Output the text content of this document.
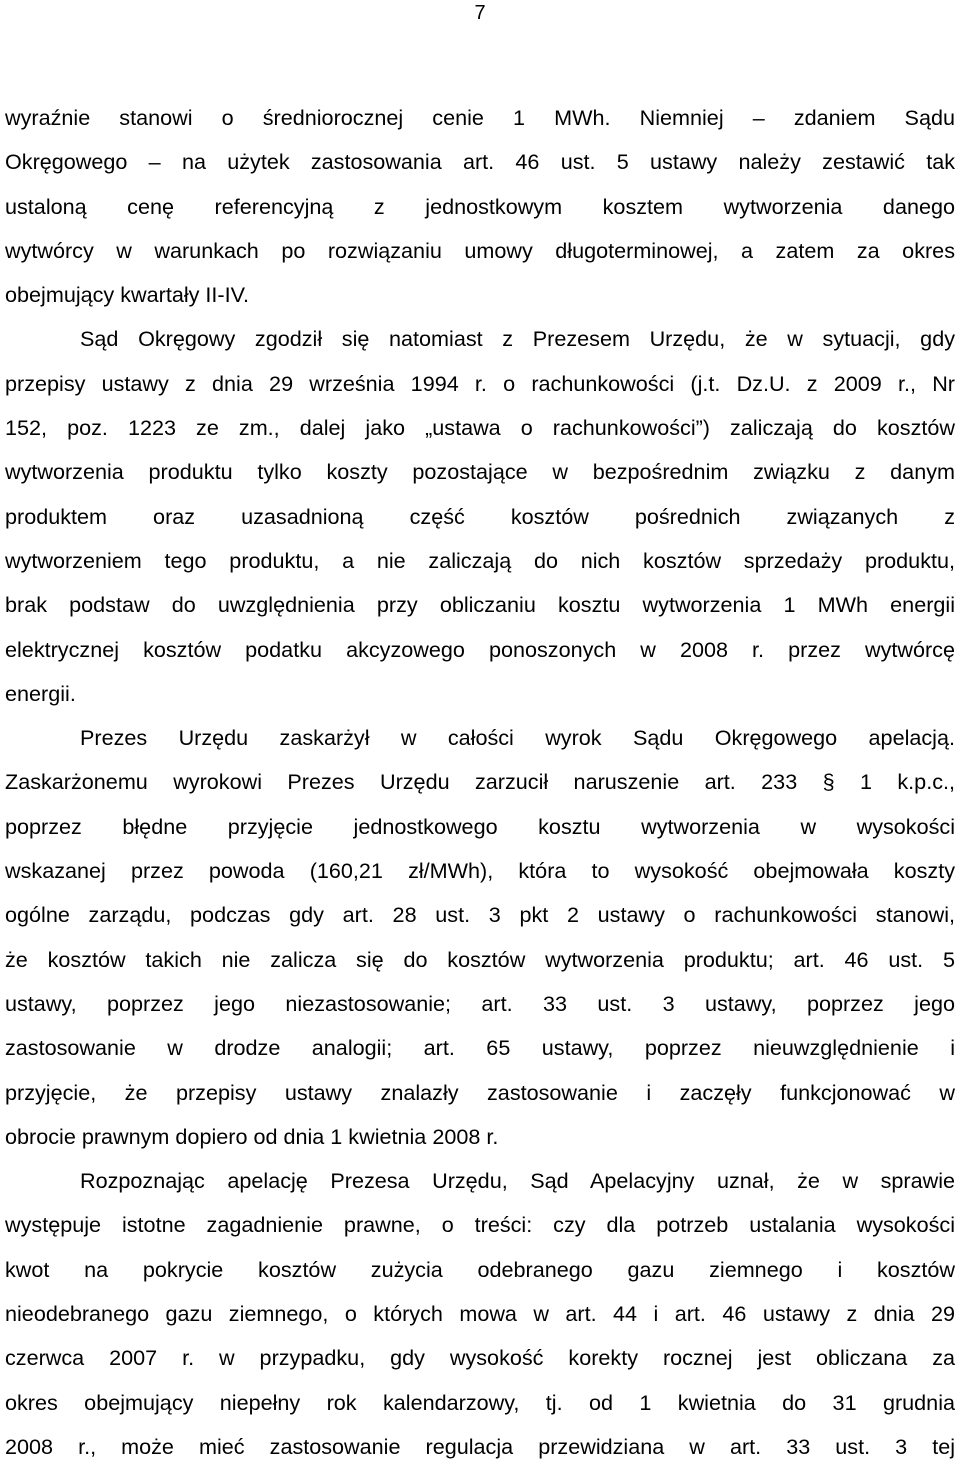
7

wyraźnie stanowi o średniorocznej cenie 1 MWh. Niemniej – zdaniem Sądu
Okręgowego – na użytek zastosowania art. 46 ust. 5 ustawy należy zestawić tak
ustaloną cenę referencyjną z jednostkowym kosztem wytworzenia danego
wytwórcy w warunkach po rozwiązaniu umowy długoterminowej, a zatem za okres
obejmujący kwartały II-IV.

Sąd Okręgowy zgodził się natomiast z Prezesem Urzędu, że w sytuacji, gdy
przepisy ustawy z dnia 29 września 1994 r. o rachunkowości (j.t. Dz.U. z 2009 r., Nr
152, poz. 1223 ze zm., dalej jako „ustawa o rachunkowości”) zaliczają do kosztów
wytworzenia produktu tylko koszty pozostające w bezpośrednim związku z danym
produktem oraz uzasadnioną część kosztów pośrednich związanych z
wytworzeniem tego produktu, a nie zaliczają do nich kosztów sprzedaży produktu,
brak podstaw do uwzględnienia przy obliczaniu kosztu wytworzenia 1 MWh energii
elektrycznej kosztów podatku akcyzowego ponoszonych w 2008 r. przez wytwórcę
energii.

Prezes Urzędu zaskarżył w całości wyrok Sądu Okręgowego apelacją.
Zaskarżonemu wyrokowi Prezes Urzędu zarzucił naruszenie art. 233 § 1 k.p.c.,
poprzez błędne przyjęcie jednostkowego kosztu wytworzenia w wysokości
wskazanej przez powoda (160,21 zł/MWh), która to wysokość obejmowała koszty
ogólne zarządu, podczas gdy art. 28 ust. 3 pkt 2 ustawy o rachunkowości stanowi,
że kosztów takich nie zalicza się do kosztów wytworzenia produktu; art. 46 ust. 5
ustawy, poprzez jego niezastosowanie; art. 33 ust. 3 ustawy, poprzez jego
zastosowanie w drodze analogii; art. 65 ustawy, poprzez nieuwzględnienie i
przyjęcie, że przepisy ustawy znalazły zastosowanie i zaczęły funkcjonować w
obrocie prawnym dopiero od dnia 1 kwietnia 2008 r.

Rozpoznając apelację Prezesa Urzędu, Sąd Apelacyjny uznał, że w sprawie
występuje istotne zagadnienie prawne, o treści: czy dla potrzeb ustalania wysokości
kwot na pokrycie kosztów zużycia odebranego gazu ziemnego i kosztów
nieodebranego gazu ziemnego, o których mowa w art. 44 i art. 46 ustawy z dnia 29
czerwca 2007 r. w przypadku, gdy wysokość korekty rocznej jest obliczana za
okres obejmujący niepełny rok kalendarzowy, tj. od 1 kwietnia do 31 grudnia
2008 r., może mieć zastosowanie regulacja przewidziana w art. 33 ust. 3 tej
